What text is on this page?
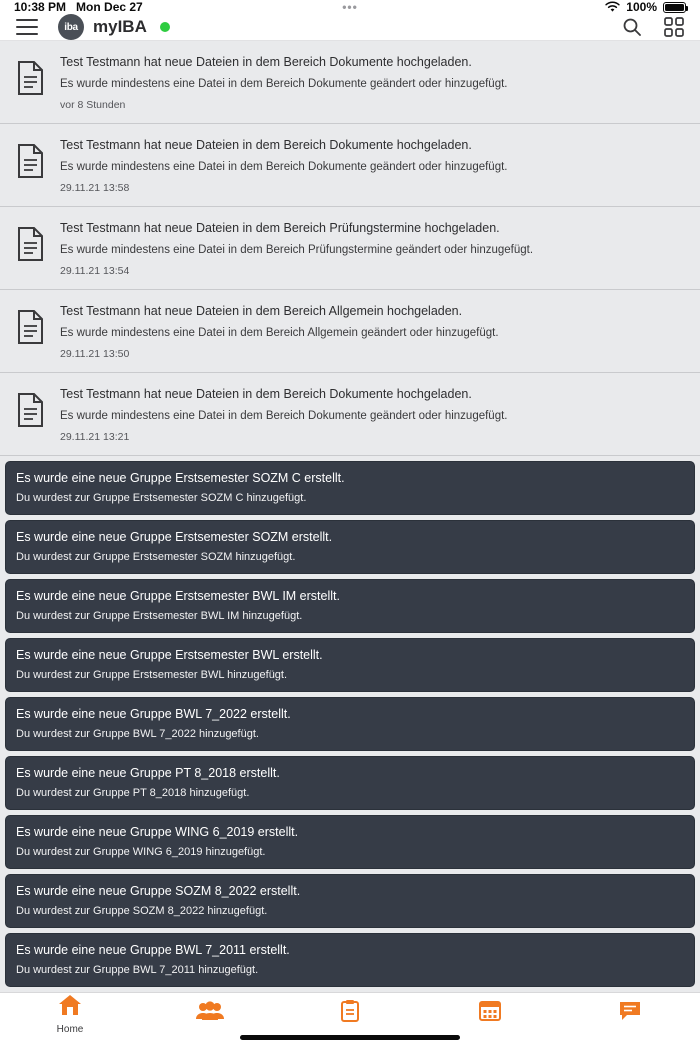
10:38 PM Mon Dec 27	•••	100%
iba myIBA
Test Testmann hat neue Dateien in dem Bereich Dokumente hochgeladen.
Es wurde mindestens eine Datei in dem Bereich Dokumente geändert oder hinzugefügt.
vor 8 Stunden
Test Testmann hat neue Dateien in dem Bereich Dokumente hochgeladen.
Es wurde mindestens eine Datei in dem Bereich Dokumente geändert oder hinzugefügt.
29.11.21 13:58
Test Testmann hat neue Dateien in dem Bereich Prüfungstermine hochgeladen.
Es wurde mindestens eine Datei in dem Bereich Prüfungstermine geändert oder hinzugefügt.
29.11.21 13:54
Test Testmann hat neue Dateien in dem Bereich Allgemein hochgeladen.
Es wurde mindestens eine Datei in dem Bereich Allgemein geändert oder hinzugefügt.
29.11.21 13:50
Test Testmann hat neue Dateien in dem Bereich Dokumente hochgeladen.
Es wurde mindestens eine Datei in dem Bereich Dokumente geändert oder hinzugefügt.
29.11.21 13:21
Es wurde eine neue Gruppe Erstsemester SOZM C erstellt.
Du wurdest zur Gruppe Erstsemester SOZM C hinzugefügt.
Es wurde eine neue Gruppe Erstsemester SOZM erstellt.
Du wurdest zur Gruppe Erstsemester SOZM hinzugefügt.
Es wurde eine neue Gruppe Erstsemester BWL IM erstellt.
Du wurdest zur Gruppe Erstsemester BWL IM hinzugefügt.
Es wurde eine neue Gruppe Erstsemester BWL erstellt.
Du wurdest zur Gruppe Erstsemester BWL hinzugefügt.
Es wurde eine neue Gruppe BWL 7_2022 erstellt.
Du wurdest zur Gruppe BWL 7_2022 hinzugefügt.
Es wurde eine neue Gruppe PT 8_2018 erstellt.
Du wurdest zur Gruppe PT 8_2018 hinzugefügt.
Es wurde eine neue Gruppe WING 6_2019 erstellt.
Du wurdest zur Gruppe WING 6_2019 hinzugefügt.
Es wurde eine neue Gruppe SOZM 8_2022 erstellt.
Du wurdest zur Gruppe SOZM 8_2022 hinzugefügt.
Es wurde eine neue Gruppe BWL 7_2011 erstellt.
Du wurdest zur Gruppe BWL 7_2011 hinzugefügt.
Home
